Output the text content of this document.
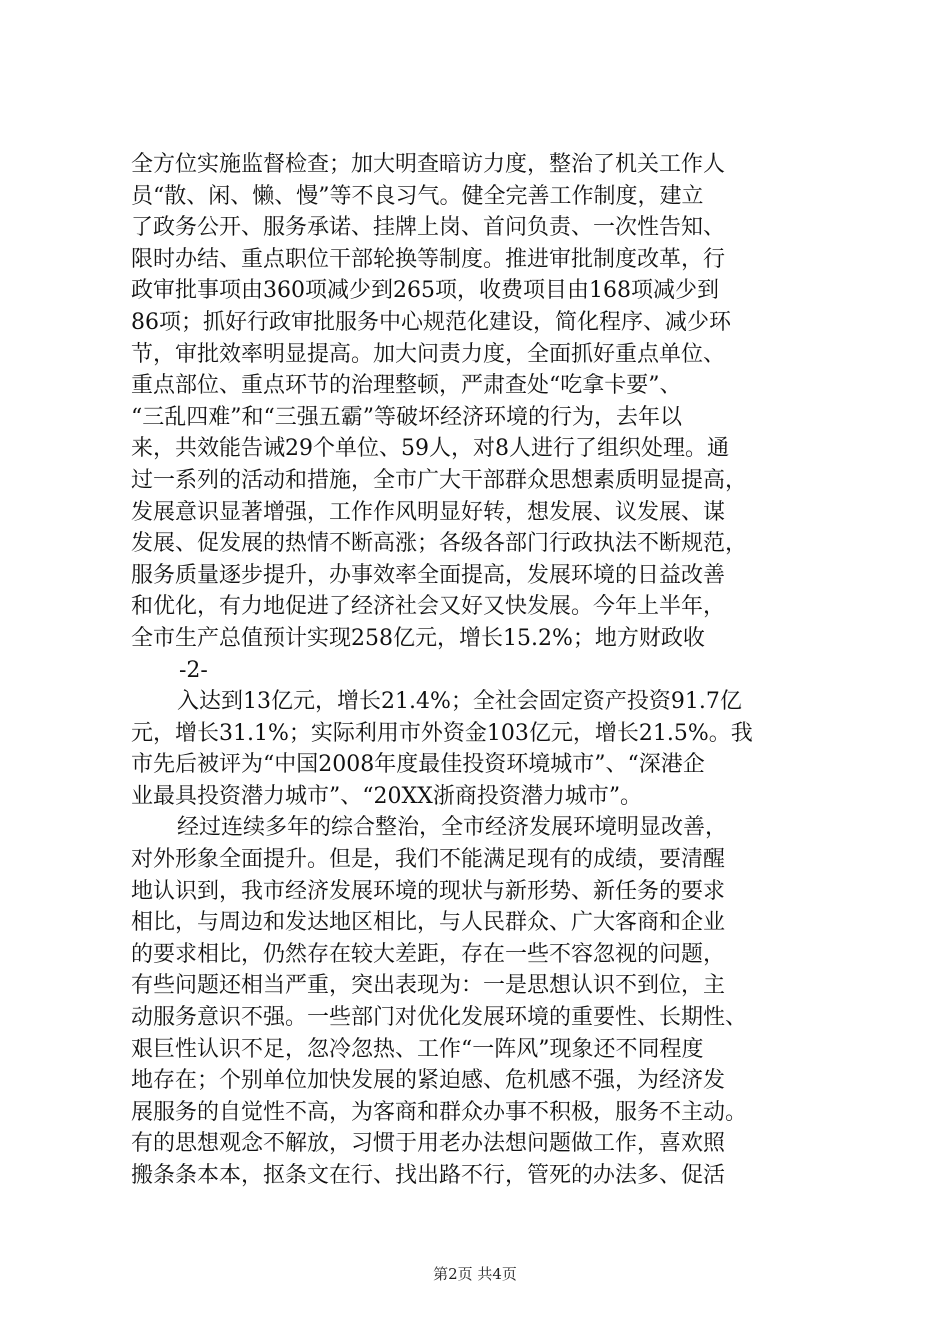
全方位实施监督检查；加大明查暗访力度，整治了机关工作人
员“散、闲、懒、慢”等不良习气。健全完善工作制度，建立
了政务公开、服务承诺、挂牌上岗、首问负责、一次性告知、
限时办结、重点职位干部轮换等制度。推进审批制度改革，行
政审批事项由360项减少到265项，收费项目由168项减少到
86项；抓好行政审批服务中心规范化建设，简化程序、减少环
节，审批效率明显提高。加大问责力度，全面抓好重点单位、
重点部位、重点环节的治理整顿，严肃查处“吃拿卡要”、
“三乱四难”和“三强五霸”等破坏经济环境的行为，去年以
来，共效能告诫29个单位、59人，对8人进行了组织处理。通
过一系列的活动和措施，全市广大干部群众思想素质明显提高，
发展意识显著增强，工作作风明显好转，想发展、议发展、谋
发展、促发展的热情不断高涨；各级各部门行政执法不断规范，
服务质量逐步提升，办事效率全面提高，发展环境的日益改善
和优化，有力地促进了经济社会又好又快发展。今年上半年，
全市生产总值预计实现258亿元，增长15.2%；地方财政收
-2-
入达到13亿元，增长21.4%；全社会固定资产投资91.7亿
元，增长31.1%；实际利用市外资金103亿元，增长21.5%。我
市先后被评为“中国2008年度最佳投资环境城市”、“深港企
业最具投资潜力城市”、“20XX浙商投资潜力城市”。
经过连续多年的综合整治，全市经济发展环境明显改善，
对外形象全面提升。但是，我们不能满足现有的成绩，要清醒
地认识到，我市经济发展环境的现状与新形势、新任务的要求
相比，与周边和发达地区相比，与人民群众、广大客商和企业
的要求相比，仍然存在较大差距，存在一些不容忽视的问题，
有些问题还相当严重，突出表现为：一是思想认识不到位，主
动服务意识不强。一些部门对优化发展环境的重要性、长期性、
艰巨性认识不足，忽冷忽热、工作“一阵风”现象还不同程度
地存在；个别单位加快发展的紧迫感、危机感不强，为经济发
展服务的自觉性不高，为客商和群众办事不积极，服务不主动。
有的思想观念不解放，习惯于用老办法想问题做工作，喜欢照
搬条条本本，抠条文在行、找出路不行，管死的办法多、促活
第2页 共4页
